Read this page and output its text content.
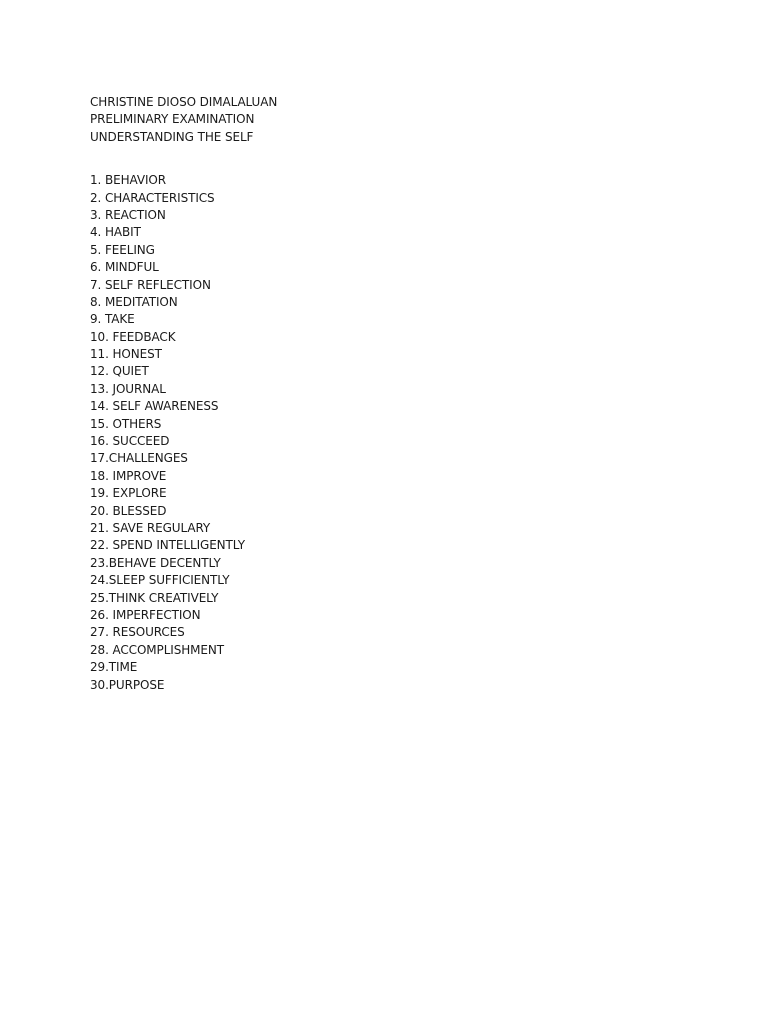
CHRISTINE DIOSO DIMALALUAN
PRELIMINARY EXAMINATION
UNDERSTANDING THE SELF
1. BEHAVIOR
2. CHARACTERISTICS
3. REACTION
4. HABIT
5. FEELING
6. MINDFUL
7. SELF REFLECTION
8. MEDITATION
9. TAKE
10. FEEDBACK
11. HONEST
12. QUIET
13. JOURNAL
14. SELF AWARENESS
15. OTHERS
16. SUCCEED
17.CHALLENGES
18. IMPROVE
19. EXPLORE
20. BLESSED
21. SAVE REGULARY
22. SPEND INTELLIGENTLY
23.BEHAVE DECENTLY
24.SLEEP SUFFICIENTLY
25.THINK CREATIVELY
26. IMPERFECTION
27. RESOURCES
28. ACCOMPLISHMENT
29.TIME
30.PURPOSE
